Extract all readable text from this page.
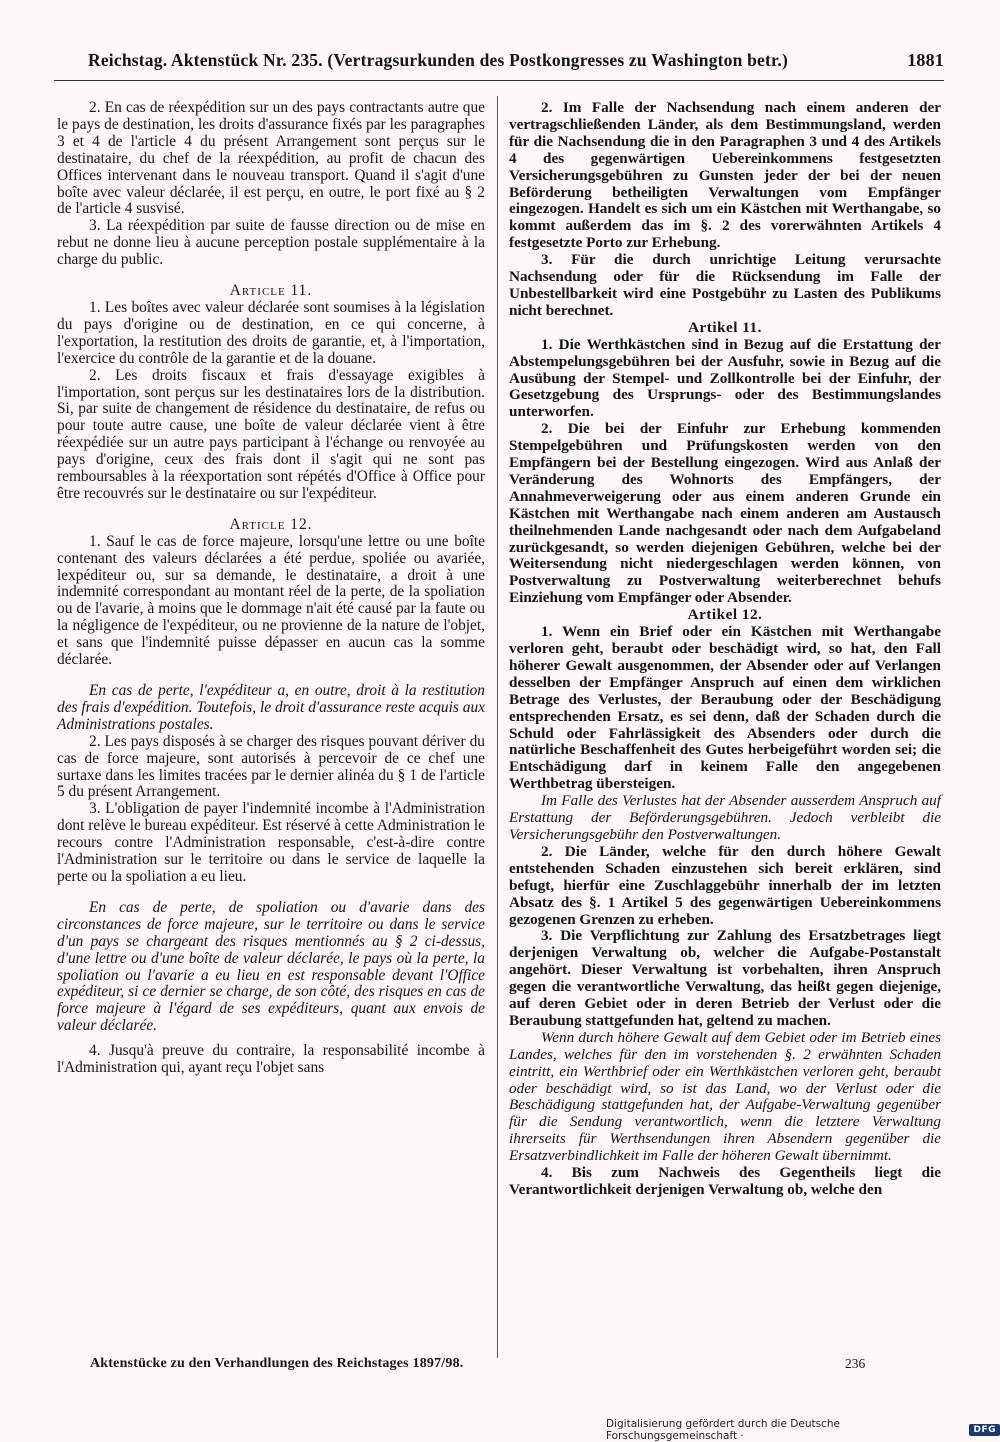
Reichstag. Aktenstück Nr. 235. (Vertragsurkunden des Postkongresses zu Washington betr.)	1881

2. En cas de réexpédition sur un des pays contractants autre que le pays de destination, les droits d'assurance fixés par les paragraphes 3 et 4 de l'article 4 du présent Arrangement sont perçus sur le destinataire, du chef de la réexpédition, au profit de chacun des Offices intervenant dans le nouveau transport. Quand il s'agit d'une boîte avec valeur déclarée, il est perçu, en outre, le port fixé au § 2 de l'article 4 susvisé.

3. La réexpédition par suite de fausse direction ou de mise en rebut ne donne lieu à aucune perception postale supplémentaire à la charge du public.

Article 11.

1. Les boîtes avec valeur déclarée sont soumises à la législation du pays d'origine ou de destination, en ce qui concerne, à l'exportation, la restitution des droits de garantie, et, à l'importation, l'exercice du contrôle de la garantie et de la douane.

2. Les droits fiscaux et frais d'essayage exigibles à l'importation, sont perçus sur les destinataires lors de la distribution. Si, par suite de changement de résidence du destinataire, de refus ou pour toute autre cause, une boîte de valeur déclarée vient à être réexpédiée sur un autre pays participant à l'échange ou renvoyée au pays d'origine, ceux des frais dont il s'agit qui ne sont pas remboursables à la réexportation sont répétés d'Office à Office pour être recouvrés sur le destinataire ou sur l'expéditeur.

Article 12.

1. Sauf le cas de force majeure, lorsqu'une lettre ou une boîte contenant des valeurs déclarées a été perdue, spoliée ou avariée, lexpéditeur ou, sur sa demande, le destinataire, a droit à une indemnité correspondant au montant réel de la perte, de la spoliation ou de l'avarie, à moins que le dommage n'ait été causé par la faute ou la négligence de l'expéditeur, ou ne provienne de la nature de l'objet, et sans que l'indemnité puisse dépasser en aucun cas la somme déclarée.

En cas de perte, l'expéditeur a, en outre, droit à la restitution des frais d'expédition. Toutefois, le droit d'assurance reste acquis aux Administrations postales.

2. Les pays disposés à se charger des risques pouvant dériver du cas de force majeure, sont autorisés à percevoir de ce chef une surtaxe dans les limites tracées par le dernier alinéa du § 1 de l'article 5 du présent Arrangement.

3. L'obligation de payer l'indemnité incombe à l'Administration dont relève le bureau expéditeur. Est réservé à cette Administration le recours contre l'Administration responsable, c'est-à-dire contre l'Administration sur le territoire ou dans le service de laquelle la perte ou la spoliation a eu lieu.

En cas de perte, de spoliation ou d'avarie dans des circonstances de force majeure, sur le territoire ou dans le service d'un pays se chargeant des risques mentionnés au § 2 ci-dessus, d'une lettre ou d'une boîte de valeur déclarée, le pays où la perte, la spoliation ou l'avarie a eu lieu en est responsable devant l'Office expéditeur, si ce dernier se charge, de son côté, des risques en cas de force majeure à l'égard de ses expéditeurs, quant aux envois de valeur déclarée.

4. Jusqu'à preuve du contraire, la responsabilité incombe à l'Administration qui, ayant reçu l'objet sans

2. Im Falle der Nachsendung nach einem anderen der vertragschließenden Länder, als dem Bestimmungsland, werden für die Nachsendung die in den Paragraphen 3 und 4 des Artikels 4 des gegenwärtigen Uebereinkommens festgesetzten Versicherungsgebühren zu Gunsten jeder der bei der neuen Beförderung betheiligten Verwaltungen vom Empfänger eingezogen. Handelt es sich um ein Kästchen mit Werthangabe, so kommt außerdem das im §. 2 des vorerwähnten Artikels 4 festgesetzte Porto zur Erhebung.

3. Für die durch unrichtige Leitung verursachte Nachsendung oder für die Rücksendung im Falle der Unbestellbarkeit wird eine Postgebühr zu Lasten des Publikums nicht berechnet.

Artikel 11.

1. Die Werthkästchen sind in Bezug auf die Erstattung der Abstempelungsgebühren bei der Ausfuhr, sowie in Bezug auf die Ausübung der Stempel- und Zollkontrolle bei der Einfuhr, der Gesetzgebung des Ursprungs- oder des Bestimmungslandes unterworfen.

2. Die bei der Einfuhr zur Erhebung kommenden Stempelgebühren und Prüfungskosten werden von den Empfängern bei der Bestellung eingezogen. Wird aus Anlaß der Veränderung des Wohnorts des Empfängers, der Annahmeverweigerung oder aus einem anderen Grunde ein Kästchen mit Werthangabe nach einem anderen am Austausch theilnehmenden Lande nachgesandt oder nach dem Aufgabeland zurückgesandt, so werden diejenigen Gebühren, welche bei der Weitersendung nicht niedergeschlagen werden können, von Postverwaltung zu Postverwaltung weiterberechnet behufs Einziehung vom Empfänger oder Absender.

Artikel 12.

1. Wenn ein Brief oder ein Kästchen mit Werthangabe verloren geht, beraubt oder beschädigt wird, so hat, den Fall höherer Gewalt ausgenommen, der Absender oder auf Verlangen desselben der Empfänger Anspruch auf einen dem wirklichen Betrage des Verlustes, der Beraubung oder der Beschädigung entsprechenden Ersatz, es sei denn, daß der Schaden durch die Schuld oder Fahrlässigkeit des Absenders oder durch die natürliche Beschaffenheit des Gutes herbeigeführt worden sei; die Entschädigung darf in keinem Falle den angegebenen Werthbetrag übersteigen.

Im Falle des Verlustes hat der Absender ausserdem Anspruch auf Erstattung der Beförderungsgebühren. Jedoch verbleibt die Versicherungsgebühr den Postverwaltungen.

2. Die Länder, welche für den durch höhere Gewalt entstehenden Schaden einzustehen sich bereit erklären, sind befugt, hierfür eine Zuschlaggebühr innerhalb der im letzten Absatz des §. 1 Artikel 5 des gegenwärtigen Uebereinkommens gezogenen Grenzen zu erheben.

3. Die Verpflichtung zur Zahlung des Ersatzbetrages liegt derjenigen Verwaltung ob, welcher die Aufgabe-Postanstalt angehört. Dieser Verwaltung ist vorbehalten, ihren Anspruch gegen die verantwortliche Verwaltung, das heißt gegen diejenige, auf deren Gebiet oder in deren Betrieb der Verlust oder die Beraubung stattgefunden hat, geltend zu machen.

Wenn durch höhere Gewalt auf dem Gebiet oder im Betrieb eines Landes, welches für den im vorstehenden §. 2 erwähnten Schaden eintritt, ein Werthbrief oder ein Werthkästchen verloren geht, beraubt oder beschädigt wird, so ist das Land, wo der Verlust oder die Beschädigung stattgefunden hat, der Aufgabe-Verwaltung gegenüber für die Sendung verantwortlich, wenn die letztere Verwaltung ihrerseits für Werthsendungen ihren Absendern gegenüber die Ersatzverbindlichkeit im Falle der höheren Gewalt übernimmt.

4. Bis zum Nachweis des Gegentheils liegt die Verantwortlichkeit derjenigen Verwaltung ob, welche den

Aktenstücke zu den Verhandlungen des Reichstages 1897/98.	236
Digitalisierung gefördert durch die Deutsche Forschungsgemeinschaft ·	DFG
